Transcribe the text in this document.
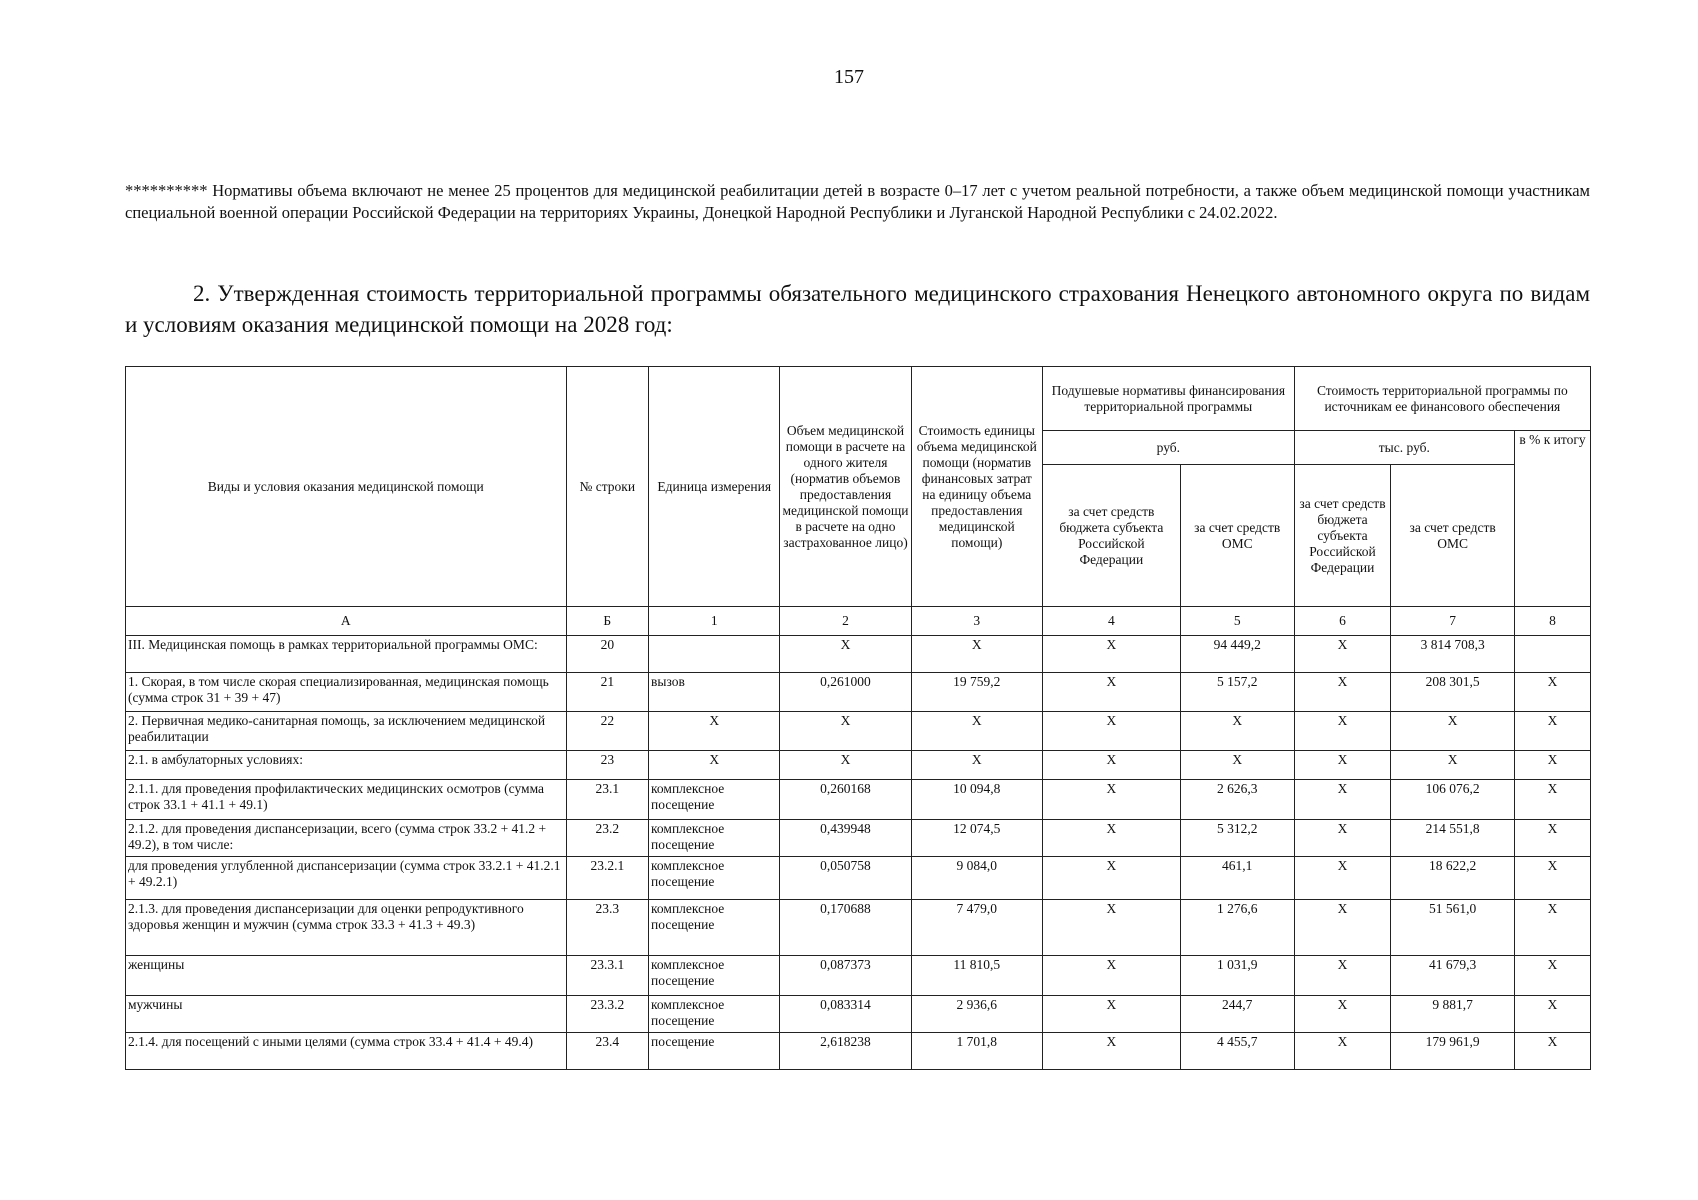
157
********** Нормативы объема включают не менее 25 процентов для медицинской реабилитации детей в возрасте 0–17 лет с учетом реальной потребности, а также объем медицинской помощи участникам специальной военной операции Российской Федерации на территориях Украины, Донецкой Народной Республики и Луганской Народной Республики с 24.02.2022.
2. Утвержденная стоимость территориальной программы обязательного медицинского страхования Ненецкого автономного округа по видам и условиям оказания медицинской помощи на 2028 год:
Виды и условия оказания медицинской помощи	№ строки	Единица измерения	Объем медицинской помощи в расчете на одного жителя (норматив объемов предоставления медицинской помощи в расчете на одно застрахованное лицо)	Стоимость единицы объема медицинской помощи (норматив финансовых затрат на единицу объема предоставления медицинской помощи)	Подушевые нормативы финансирования территориальной программы		Стоимость территориальной программы по источникам ее финансового обеспечения		
					руб.		тыс. руб.		в % к итогу
					за счет средств бюджета субъекта Российской Федерации	за счет средств ОМС	за счет средств бюджета субъекта Российской Федерации	за счет средств ОМС	
А	Б	1	2	3	4	5	6	7	8
III. Медицинская помощь в рамках территориальной программы ОМС:	20		X	X	X	94 449,2	X	3 814 708,3	
1. Скорая, в том числе скорая специализированная, медицинская помощь (сумма строк 31 + 39 + 47)	21	вызов	0,261000	19 759,2	X	5 157,2	X	208 301,5	X
2. Первичная медико-санитарная помощь, за исключением медицинской реабилитации	22	X	X	X	X	X	X	X	X
2.1. в амбулаторных условиях:	23	X	X	X	X	X	X	X	X
2.1.1. для проведения профилактических медицинских осмотров (сумма строк 33.1 + 41.1 + 49.1)	23.1	комплексное посещение	0,260168	10 094,8	X	2 626,3	X	106 076,2	X
2.1.2. для проведения диспансеризации, всего (сумма строк 33.2 + 41.2 + 49.2), в том числе:	23.2	комплексное посещение	0,439948	12 074,5	X	5 312,2	X	214 551,8	X
для проведения углубленной диспансеризации (сумма строк 33.2.1 + 41.2.1 + 49.2.1)	23.2.1	комплексное посещение	0,050758	9 084,0	X	461,1	X	18 622,2	X
2.1.3. для проведения диспансеризации для оценки репродуктивного здоровья женщин и мужчин (сумма строк 33.3 + 41.3 + 49.3)	23.3	комплексное посещение	0,170688	7 479,0	X	1 276,6	X	51 561,0	X
женщины	23.3.1	комплексное посещение	0,087373	11 810,5	X	1 031,9	X	41 679,3	X
мужчины	23.3.2	комплексное посещение	0,083314	2 936,6	X	244,7	X	9 881,7	X
2.1.4. для посещений с иными целями (сумма строк 33.4 + 41.4 + 49.4)	23.4	посещение	2,618238	1 701,8	X	4 455,7	X	179 961,9	X
